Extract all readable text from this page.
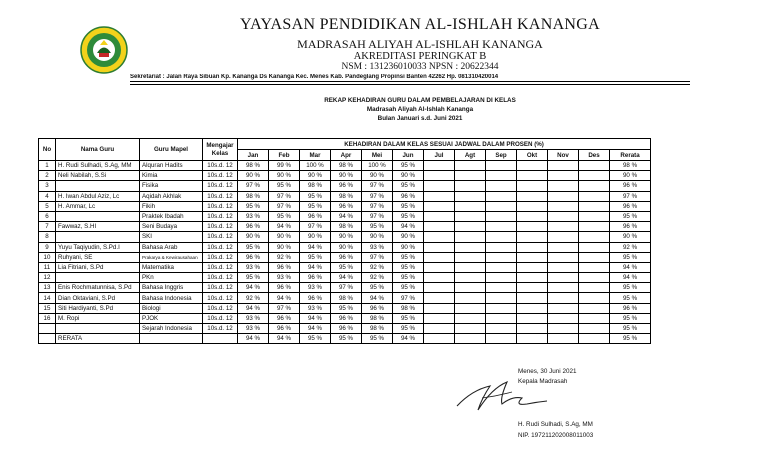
YAYASAN PENDIDIKAN AL-ISHLAH KANANGA
MADRASAH ALIYAH AL-ISHLAH KANANGA
AKREDITASI PERINGKAT B
NSM : 131236010033 NPSN : 20622344
Sekretariat : Jalan Raya Sibuan Kp. Kananga Ds Kananga Kec. Menes Kab. Pandeglang Propinsi Banten 42262 Hp. 081310420014
REKAP KEHADIRAN GURU DALAM PEMBELAJARAN DI KELAS
Madrasah Aliyah Al-Ishlah Kananga
Bulan Januari s.d. Juni 2021
No	Nama Guru	Guru Mapel	Mengajar Kelas	KEHADIRAN DALAM KELAS SESUAI JADWAL DALAM PROSEN (%)												
				Jan	Feb	Mar	Apr	Mei	Jun	Jul	Agt	Sep	Okt	Nov	Des	Rerata
1	H. Rudi Sulhadi, S.Ag, MM	Alquran Hadits	10s.d. 12	98 %	99 %	100 %	98 %	100 %	95 %							98 %
2	Neli Nabilah, S.Si	Kimia	10s.d. 12	90 %	90 %	90 %	90 %	90 %	90 %							90 %
3		Fisika	10s.d. 12	97 %	95 %	98 %	96 %	97 %	95 %							96 %
4	H. Iwan Abdul Aziz, Lc	Aqidah Akhlak	10s.d. 12	98 %	97 %	95 %	98 %	97 %	96 %							97 %
5	H. Ammar, Lc	Fikih	10s.d. 12	95 %	97 %	95 %	96 %	97 %	95 %							96 %
6		Praktek Ibadah	10s.d. 12	93 %	95 %	96 %	94 %	97 %	95 %							95 %
7	Fawwaz, S.HI	Seni Budaya	10s.d. 12	96 %	94 %	97 %	98 %	95 %	94 %							96 %
8		SKI	10s.d. 12	90 %	90 %	90 %	90 %	90 %	90 %							90 %
9	Yuyu Taqiyudin, S.Pd.I	Bahasa Arab	10s.d. 12	95 %	90 %	94 %	90 %	93 %	90 %							92 %
10	Ruhyani, SE	Prakarya & Kewirausahaan	10s.d. 12	96 %	92 %	95 %	96 %	97 %	95 %							95 %
11	Lia Fitriani, S.Pd	Matematika	10s.d. 12	93 %	96 %	94 %	95 %	92 %	95 %							94 %
12		PKn	10s.d. 12	95 %	93 %	96 %	94 %	92 %	95 %							94 %
13	Enis Rochmatunnisa, S.Pd	Bahasa Inggris	10s.d. 12	94 %	96 %	93 %	97 %	95 %	95 %							95 %
14	Dian Oktaviani, S.Pd	Bahasa Indonesia	10s.d. 12	92 %	94 %	96 %	98 %	94 %	97 %							95 %
15	Siti Hardiyanti, S.Pd	Biologi	10s.d. 12	94 %	97 %	93 %	95 %	96 %	98 %							96 %
16	M. Ropi	PJOK	10s.d. 12	93 %	96 %	94 %	96 %	98 %	95 %							95 %
		Sejarah Indonesia	10s.d. 12	93 %	96 %	94 %	96 %	98 %	95 %							95 %
	RERATA			94 %	94 %	95 %	95 %	95 %	94 %							95 %
Menes, 30 Juni 2021
Kepala Madrasah
H. Rudi Sulhadi, S.Ag, MM
NIP. 197211202008011003
